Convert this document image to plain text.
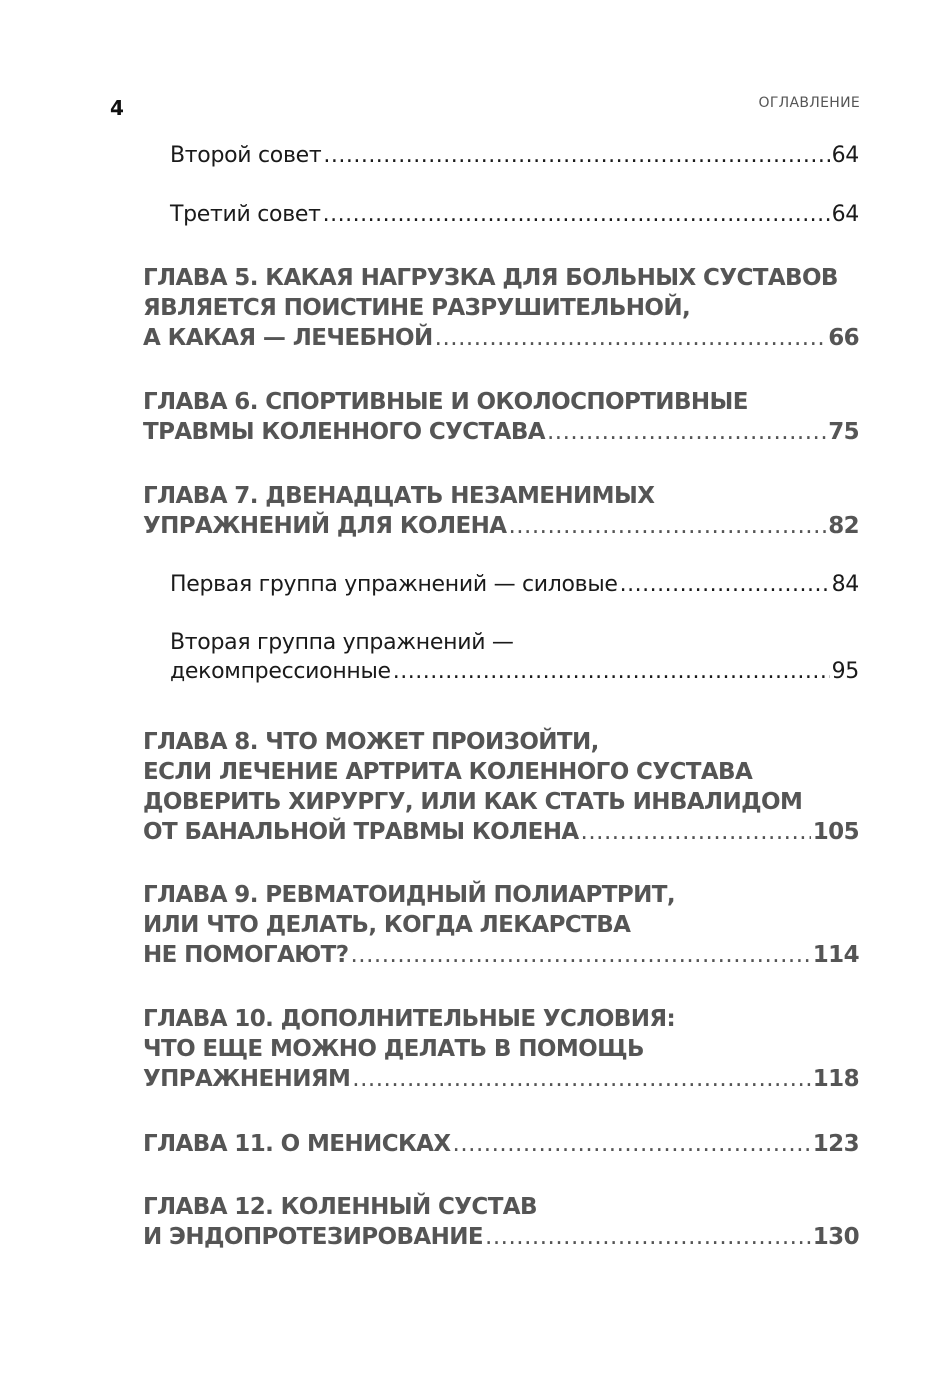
4	ОГЛАВЛЕНИЕ
Второй совет .....	64
Третий совет .....	64
ГЛАВА 5. КАКАЯ НАГРУЗКА ДЛЯ БОЛЬНЫХ СУСТАВОВ
ЯВЛЯЕТСЯ ПОИСТИНЕ РАЗРУШИТЕЛЬНОЙ,
А КАКАЯ — ЛЕЧЕБНОЙ .....	66
ГЛАВА 6. СПОРТИВНЫЕ И ОКОЛОСПОРТИВНЫЕ
ТРАВМЫ КОЛЕННОГО СУСТАВА .....	75
ГЛАВА 7. ДВЕНАДЦАТЬ НЕЗАМЕНИМЫХ
УПРАЖНЕНИЙ ДЛЯ КОЛЕНА .....	82
Первая группа упражнений — силовые .....	84
Вторая группа упражнений —
декомпрессионные .....	95
ГЛАВА 8. ЧТО МОЖЕТ ПРОИЗОЙТИ,
ЕСЛИ ЛЕЧЕНИЕ АРТРИТА КОЛЕННОГО СУСТАВА
ДОВЕРИТЬ ХИРУРГУ, ИЛИ КАК СТАТЬ ИНВАЛИДОМ
ОТ БАНАЛЬНОЙ ТРАВМЫ КОЛЕНА .....	105
ГЛАВА 9. РЕВМАТОИДНЫЙ ПОЛИАРТРИТ,
ИЛИ ЧТО ДЕЛАТЬ, КОГДА ЛЕКАРСТВА
НЕ ПОМОГАЮТ? .....	114
ГЛАВА 10. ДОПОЛНИТЕЛЬНЫЕ УСЛОВИЯ:
ЧТО ЕЩЕ МОЖНО ДЕЛАТЬ В ПОМОЩЬ
УПРАЖНЕНИЯМ .....	118
ГЛАВА 11. О МЕНИСКАХ .....	123
ГЛАВА 12. КОЛЕННЫЙ СУСТАВ
И ЭНДОПРОТЕЗИРОВАНИЕ .....	130
